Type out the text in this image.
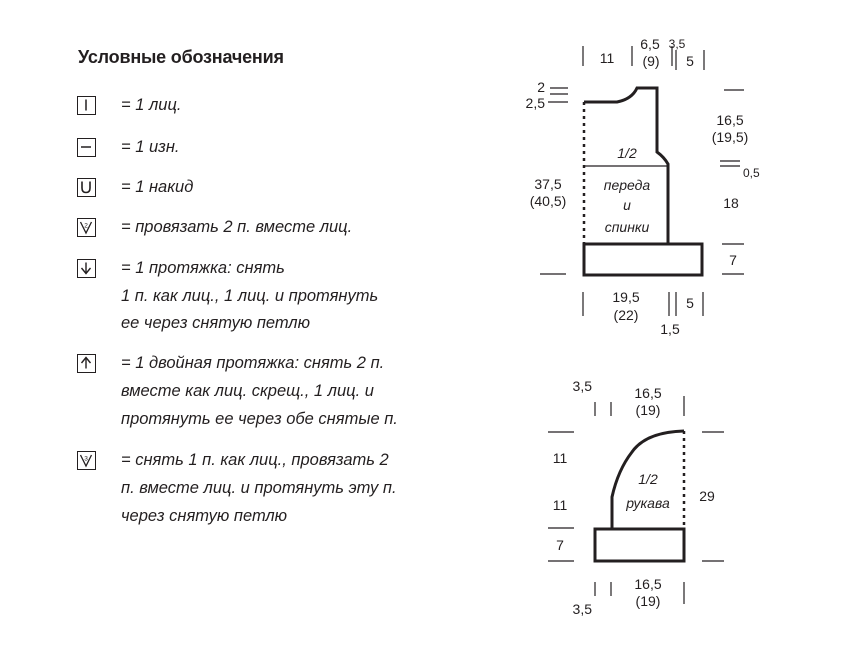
Условные обозначения
= 1 лиц.
= 1 изн.
= 1 накид
2 = провязать 2 п. вместе лиц.
= 1 протяжка: снять
1 п. как лиц., 1 лиц. и протянуть
ее через снятую петлю
= 1 двойная протяжка: снять 2 п.
вместе как лиц. скрещ., 1 лиц. и
протянуть ее через обе снятые п.
3 = снять 1 п. как лиц., провязать 2
п. вместе лиц. и протянуть эту п.
через снятую петлю
1/2
переда
и
спинки
11
6,5
(9)
3,5
5
2
2,5
37,5
(40,5)
16,5
(19,5)
0,5
18
7
19,5
(22)
1,5
5
1/2
рукава
3,5	16,5
(19)
11
11
7
29
3,5
16,5
(19)
